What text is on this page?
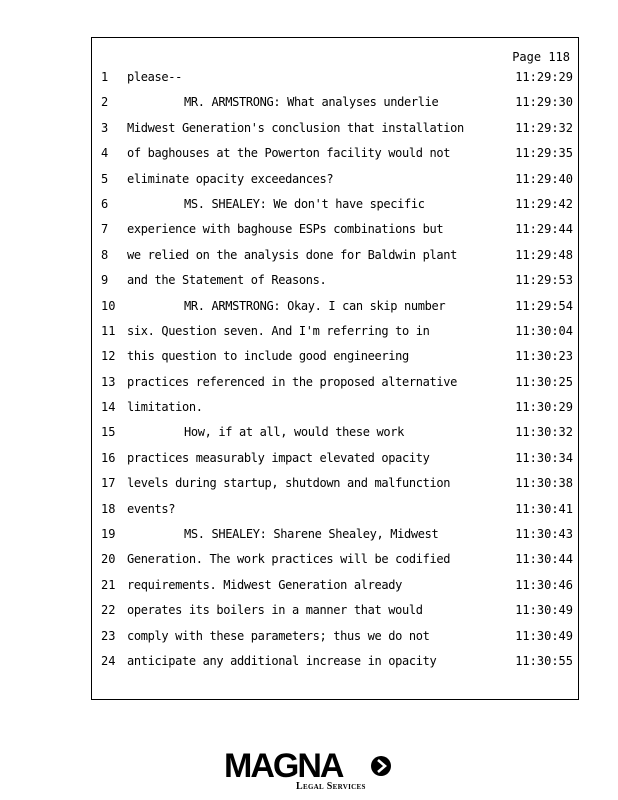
Page 118
1	please--	11:29:29
2	MR. ARMSTRONG: What analyses underlie	11:29:30
3	Midwest Generation's conclusion that installation	11:29:32
4	of baghouses at the Powerton facility would not	11:29:35
5	eliminate opacity exceedances?	11:29:40
6	MS. SHEALEY: We don't have specific	11:29:42
7	experience with baghouse ESPs combinations but	11:29:44
8	we relied on the analysis done for Baldwin plant	11:29:48
9	and the Statement of Reasons.	11:29:53
10	MR. ARMSTRONG: Okay. I can skip number	11:29:54
11 six. Question seven. And I'm referring to in	11:30:04
12 this question to include good engineering	11:30:23
13 practices referenced in the proposed alternative	11:30:25
14 limitation.	11:30:29
15	How, if at all, would these work	11:30:32
16 practices measurably impact elevated opacity	11:30:34
17 levels during startup, shutdown and malfunction	11:30:38
18 events?	11:30:41
19	MS. SHEALEY: Sharene Shealey, Midwest	11:30:43
20 Generation. The work practices will be codified	11:30:44
21 requirements. Midwest Generation already	11:30:46
22 operates its boilers in a manner that would	11:30:49
23 comply with these parameters; thus we do not	11:30:49
24 anticipate any additional increase in opacity	11:30:55
MAGNA
Legal Services
